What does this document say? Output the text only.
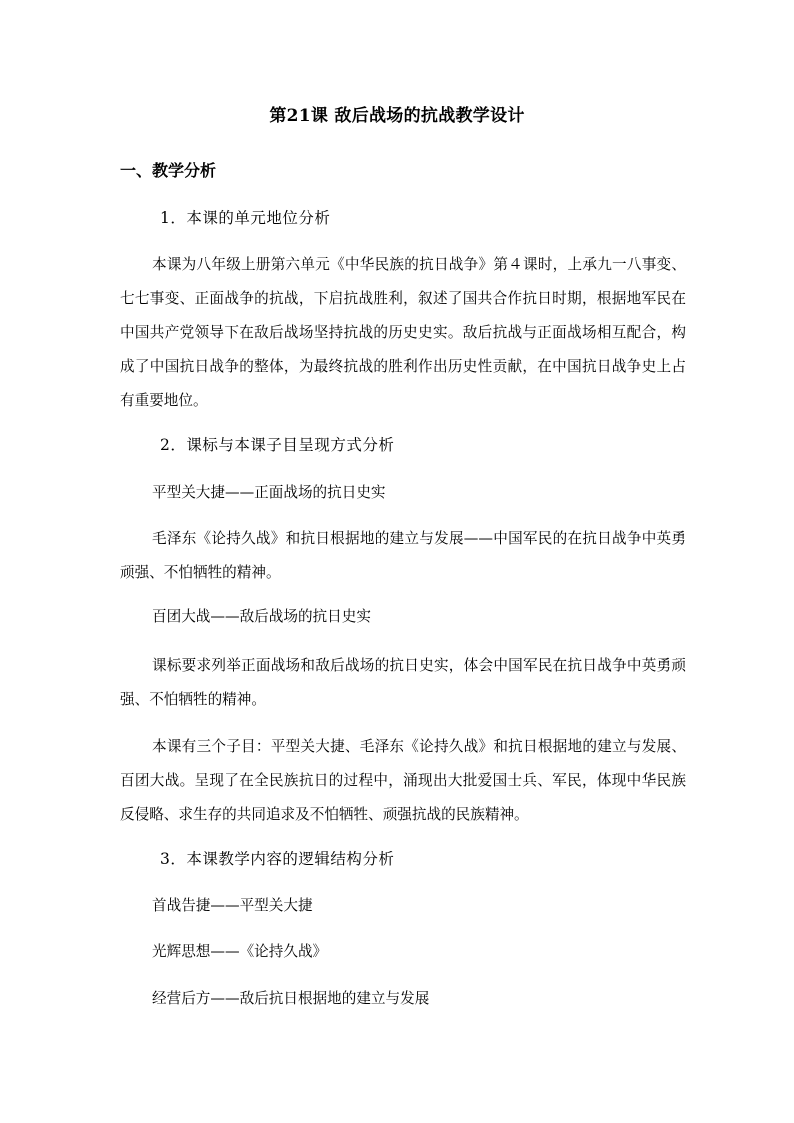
第21课 敌后战场的抗战教学设计
一、教学分析
1．本课的单元地位分析
本课为八年级上册第六单元《中华民族的抗日战争》第４课时，上承九一八事变、七七事变、正面战争的抗战，下启抗战胜利，叙述了国共合作抗日时期，根据地军民在中国共产党领导下在敌后战场坚持抗战的历史史实。敌后抗战与正面战场相互配合，构成了中国抗日战争的整体，为最终抗战的胜利作出历史性贡献，在中国抗日战争史上占有重要地位。
2．课标与本课子目呈现方式分析
平型关大捷——正面战场的抗日史实
毛泽东《论持久战》和抗日根据地的建立与发展——中国军民的在抗日战争中英勇顽强、不怕牺牲的精神。
百团大战——敌后战场的抗日史实
课标要求列举正面战场和敌后战场的抗日史实，体会中国军民在抗日战争中英勇顽强、不怕牺牲的精神。
本课有三个子目：平型关大捷、毛泽东《论持久战》和抗日根据地的建立与发展、百团大战。呈现了在全民族抗日的过程中，涌现出大批爱国士兵、军民，体现中华民族反侵略、求生存的共同追求及不怕牺牲、顽强抗战的民族精神。
3．本课教学内容的逻辑结构分析
首战告捷——平型关大捷
光辉思想——《论持久战》
经营后方——敌后抗日根据地的建立与发展
